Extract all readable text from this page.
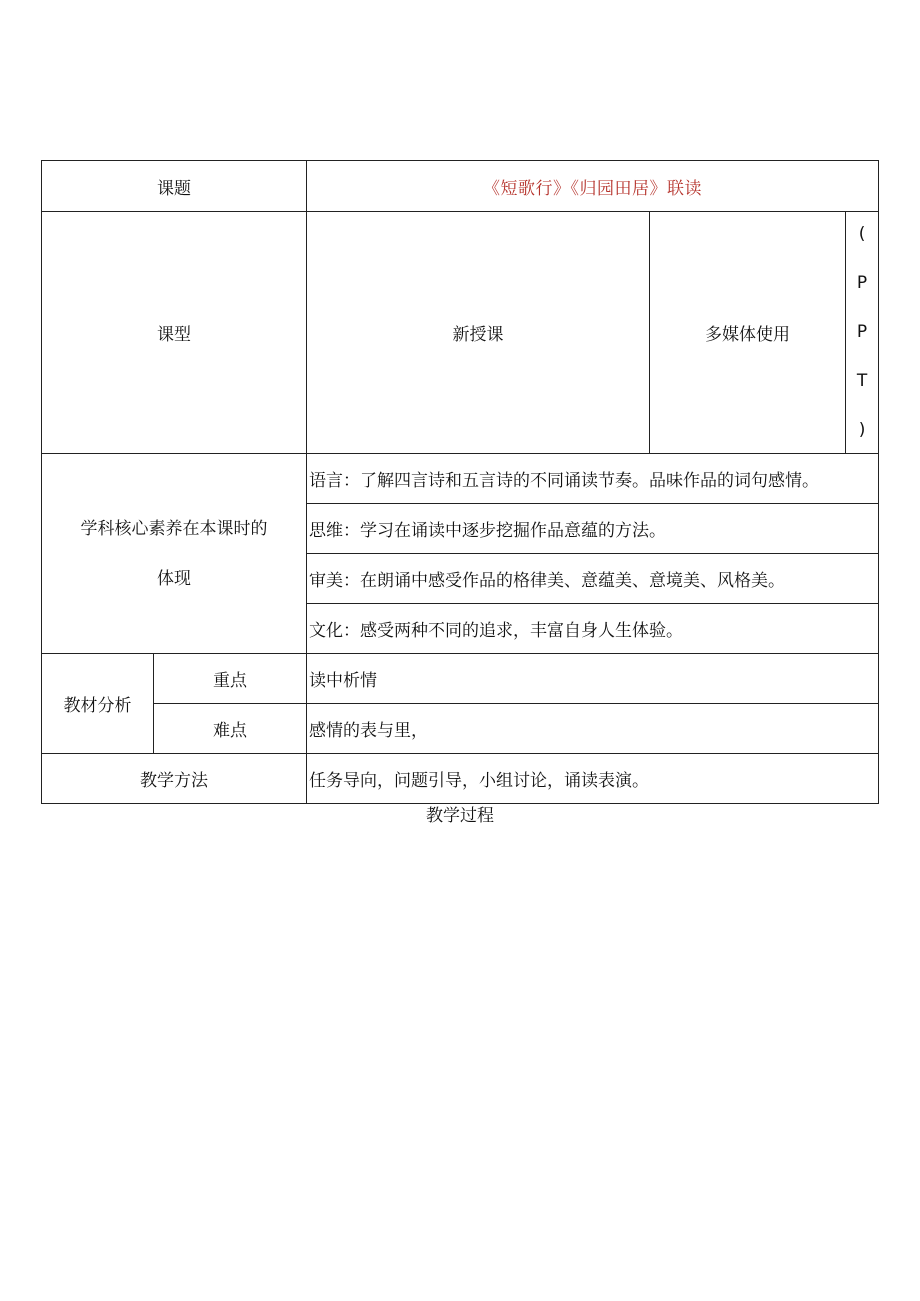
课题		《短歌行》《归园田居》联读		
课型		新授课	多媒体使用	(
P
P
T
)

学科核心素养在本课时的
体现		语言：了解四言诗和五言诗的不同诵读节奏。品味作品的词句感情。		
		思维：学习在诵读中逐步挖掘作品意蕴的方法。		
		审美：在朗诵中感受作品的格律美、意蕴美、意境美、风格美。		
		文化：感受两种不同的追求，丰富自身人生体验。		
教材分析	重点	读中析情		
	难点	感情的表与里，		
教学方法		任务导向，问题引导，小组讨论，诵读表演。		
教学过程
